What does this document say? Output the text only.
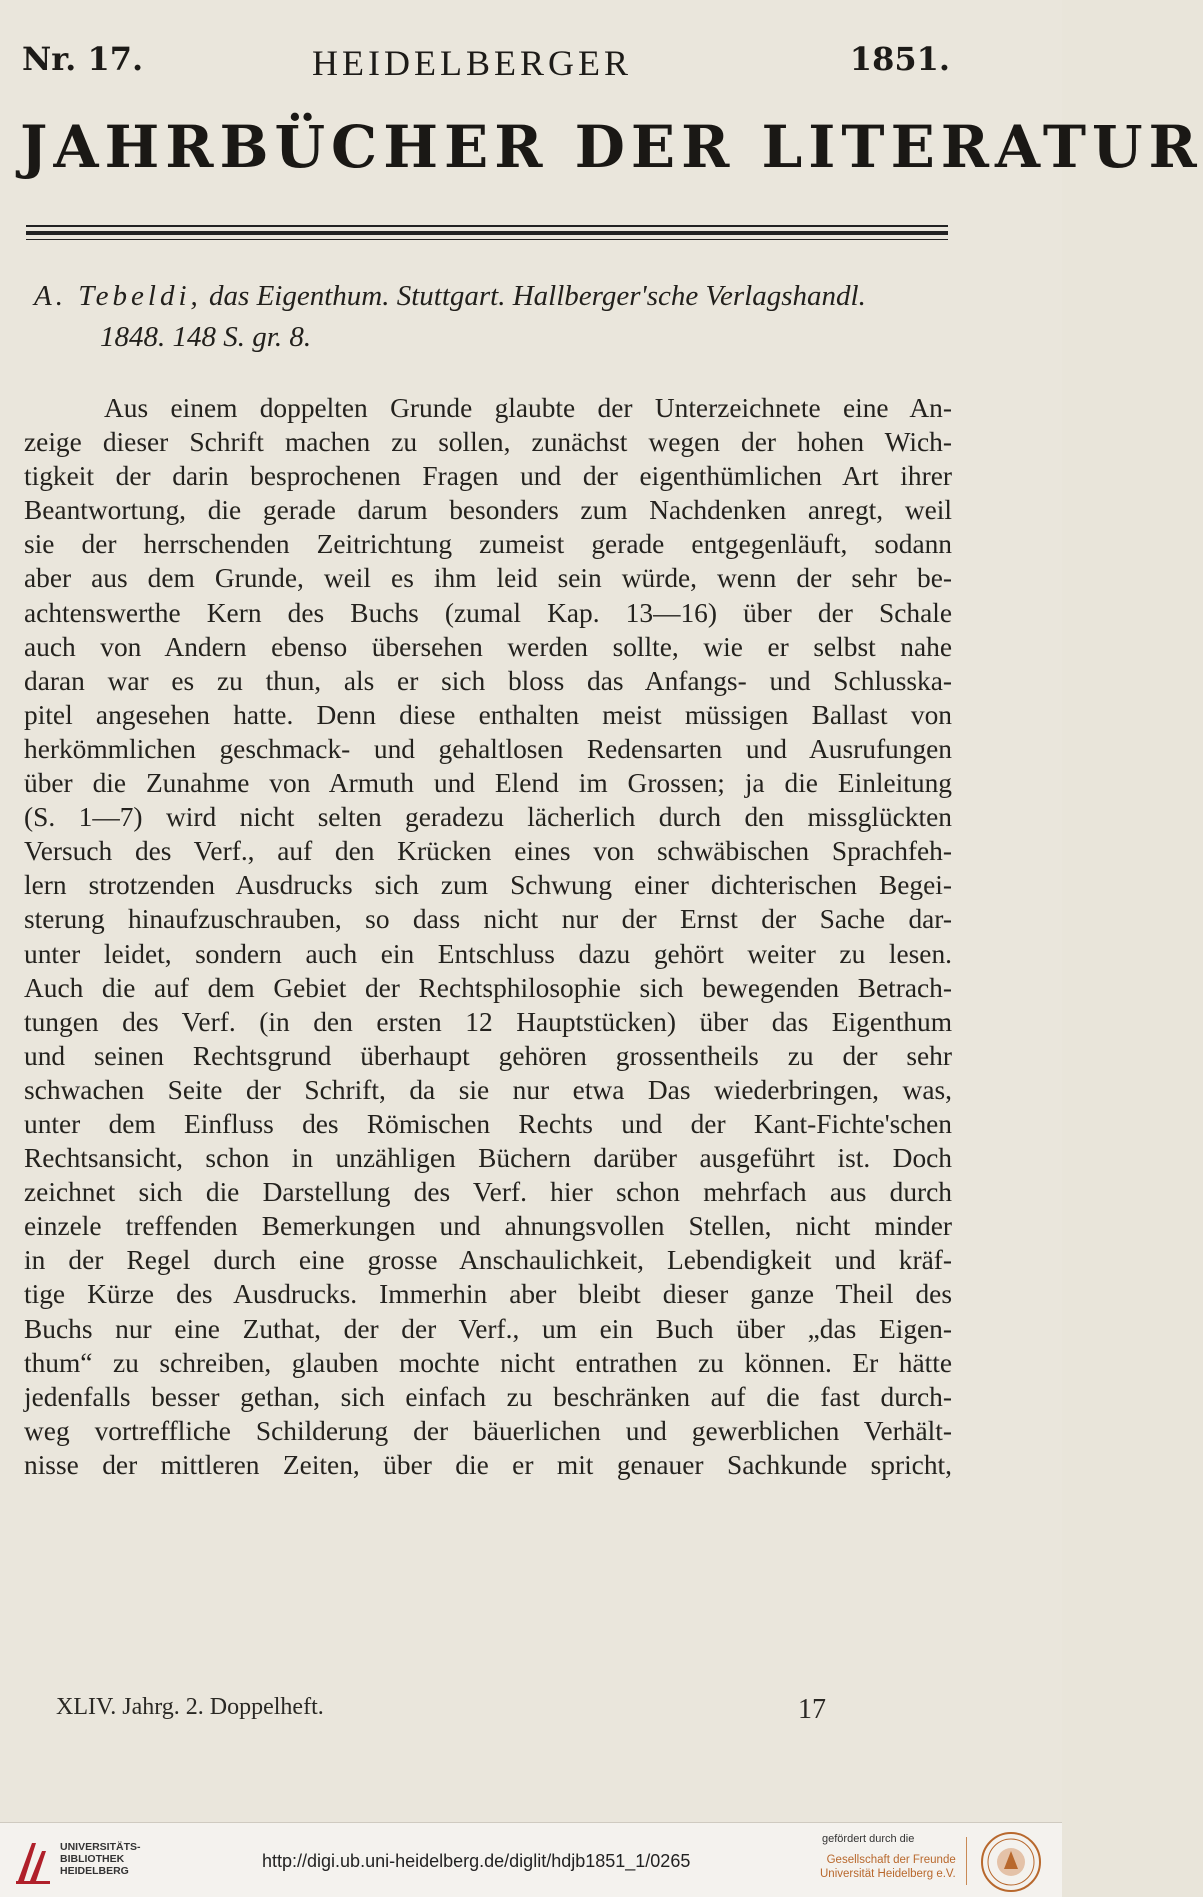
Nr. 17.	HEIDELBERGER	1851.
JAHRBÜCHER DER LITERATUR
A. Tebeldi, das Eigenthum. Stuttgart. Hallberger'sche Verlagshandl.
1848. 148 S. gr. 8.
Aus einem doppelten Grunde glaubte der Unterzeichnete eine An-
zeige dieser Schrift machen zu sollen, zunächst wegen der hohen Wich-
tigkeit der darin besprochenen Fragen und der eigenthümlichen Art ihrer
Beantwortung, die gerade darum besonders zum Nachdenken anregt, weil
sie der herrschenden Zeitrichtung zumeist gerade entgegenläuft, sodann
aber aus dem Grunde, weil es ihm leid sein würde, wenn der sehr be-
achtenswerthe Kern des Buchs (zumal Kap. 13—16) über der Schale
auch von Andern ebenso übersehen werden sollte, wie er selbst nahe
daran war es zu thun, als er sich bloss das Anfangs- und Schlusska-
pitel angesehen hatte. Denn diese enthalten meist müssigen Ballast von
herkömmlichen geschmack- und gehaltlosen Redensarten und Ausrufungen
über die Zunahme von Armuth und Elend im Grossen; ja die Einleitung
(S. 1—7) wird nicht selten geradezu lächerlich durch den missglückten
Versuch des Verf., auf den Krücken eines von schwäbischen Sprachfeh-
lern strotzenden Ausdrucks sich zum Schwung einer dichterischen Begei-
sterung hinaufzuschrauben, so dass nicht nur der Ernst der Sache dar-
unter leidet, sondern auch ein Entschluss dazu gehört weiter zu lesen.
Auch die auf dem Gebiet der Rechtsphilosophie sich bewegenden Betrach-
tungen des Verf. (in den ersten 12 Hauptstücken) über das Eigenthum
und seinen Rechtsgrund überhaupt gehören grossentheils zu der sehr
schwachen Seite der Schrift, da sie nur etwa Das wiederbringen, was,
unter dem Einfluss des Römischen Rechts und der Kant-Fichte'schen
Rechtsansicht, schon in unzähligen Büchern darüber ausgeführt ist. Doch
zeichnet sich die Darstellung des Verf. hier schon mehrfach aus durch
einzele treffenden Bemerkungen und ahnungsvollen Stellen, nicht minder
in der Regel durch eine grosse Anschaulichkeit, Lebendigkeit und kräf-
tige Kürze des Ausdrucks. Immerhin aber bleibt dieser ganze Theil des
Buchs nur eine Zuthat, der der Verf., um ein Buch über „das Eigen-
thum“ zu schreiben, glauben mochte nicht entrathen zu können. Er hätte
jedenfalls besser gethan, sich einfach zu beschränken auf die fast durch-
weg vortreffliche Schilderung der bäuerlichen und gewerblichen Verhält-
nisse der mittleren Zeiten, über die er mit genauer Sachkunde spricht,
XLIV. Jahrg. 2. Doppelheft.	17
UNIVERSITÄTS-
BIBLIOTHEK
HEIDELBERG	http://digi.ub.uni-heidelberg.de/diglit/hdjb1851_1/0265
gefördert durch die
Gesellschaft der Freunde
Universität Heidelberg e.V.
